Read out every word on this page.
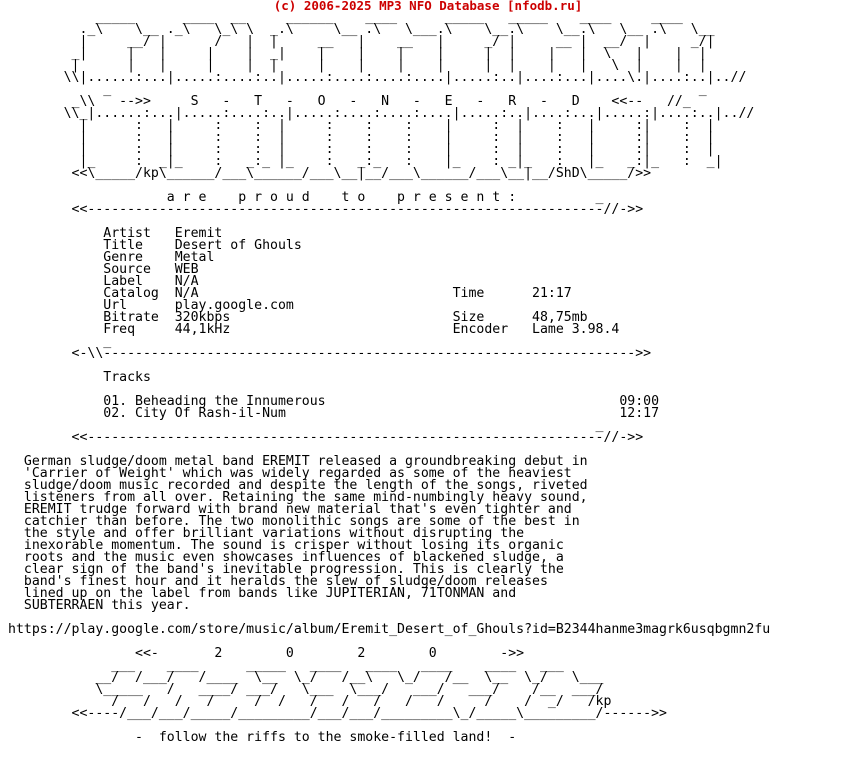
(c) 2006-2025 MP3 NFO Database [nfodb.ru]
_____      ____  __     ______    ____      _____   _____    ____     ____
._\    \__ ._\   \_\ \  _.\     \__ .\   \___.\    \__.\    \__.\   \__ .\   \__
|     __/ |      /   |  |     __   |    __   |     _/ |     __ |  __/  |     _/|
_|     |   |     |    |  _|    |    |    |    |     |  |    |   |  \   |    |  |
|      |   |     |    |  |     |    |    |    |     |  |    |   |   \  |    |  |
\\|......:...|.....:....:..|.....:....:....:....|.....:..|....:...|....\.|....:..|..//
_                                                                          _
_\\   -->>     S   -   T   -   O   -   N   -   E   -   R   -   D    <<--   //_
\\_|......:...|.....:....:..|.....:....:....:....|.....:..|....:...|.....:|....:..|..//
|      :   |     :    :  |     :    :    :    |     :  |    :   |     :|    :  |
|      :   |     :    :  |     :    :    :    |     :  |    :   |     :|    :  |
|      :   |     :    :  |     :    :    :    |     :  |    :   |     :|    :  |
|_     :  _|_    :   _:_ |_    :   _:_   :    |_    : _|_   :   |_   _:|_   :  _|
<<\_____/kp\______/___\______/___\__|__/___\______/___\__|__/ShD\_____/>>

a r e    p r o u d    t o    p r e s e n t :          _
<<-----------------------------------------------------------------//->>

Artist   Eremit
Title    Desert of Ghouls
Genre    Metal
Source   WEB
Label    N/A
Catalog  N/A                                Time      21:17
Url      play.google.com
Bitrate  320kbps                            Size      48,75mb
Freq     44,1kHz                            Encoder   Lame 3.98.4
_
<-\\------------------------------------------------------------------->>

Tracks

01. Beheading the Innumerous                                     09:00
02. City Of Rash-il-Num                                          12:17
_
<<-----------------------------------------------------------------//->>

German sludge/doom metal band EREMIT released a groundbreaking debut in
'Carrier of Weight' which was widely regarded as some of the heaviest
sludge/doom music recorded and despite the length of the songs, riveted
listeners from all over. Retaining the same mind-numbingly heavy sound,
EREMIT trudge forward with brand new material that's even tighter and
catchier than before. The two monolithic songs are some of the best in
the style and offer brilliant variations without disrupting the
inexorable momentum. The sound is crisper without losing its organic
roots and the music even showcases influences of blackened sludge, a
clear sign of the band's inevitable progression. This is clearly the
band's finest hour and it heralds the slew of sludge/doom releases
lined up on the label from bands like JUPITERIAN, 71TONMAN and
SUBTERRAEN this year.

https://play.google.com/store/music/album/Eremit_Desert_of_Ghouls?id=B2344hanme3magrk6usqbgmn2fu

<<-       2        0        2        0        ->>
___    ____      _____   ____   ____   ____    ____   ___
__/  /___/   /____  \__  \_/   /__\   \_/   /__  \__  \_/   \___
\_____   /   ____/ ___/   \___  \___/   ___/   ___/    /__  ___/
/   /   /   /     /  /   /   /   /   /   /     /    /  _/   /kp
<<----/___/___/_____/_________/___/___/_________\_/_____\_________/------>>

-  follow the riffs to the smoke-filled land!  -
